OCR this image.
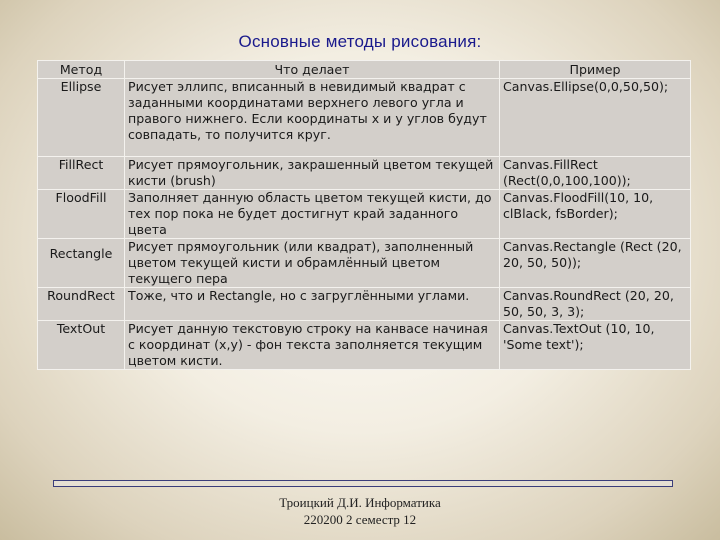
Основные методы рисования:
Метод	Что делает	Пример
Ellipse	Рисует эллипс, вписанный в невидимый квадрат с заданными координатами верхнего левого угла и правого нижнего. Если координаты x и y углов будут совпадать, то получится круг.	Canvas.Ellipse(0,0,50,50);
FillRect	Рисует прямоугольник, закрашенный цветом текущей кисти (brush)	Canvas.FillRect (Rect(0,0,100,100));
FloodFill	Заполняет данную область цветом текущей кисти, до тех пор пока не будет достигнут край заданного цвета	Canvas.FloodFill(10, 10, clBlack, fsBorder);
Rectangle	Рисует прямоугольник (или квадрат), заполненный цветом текущей кисти и обрамлённый цветом текущего пера	Canvas.Rectangle (Rect (20, 20, 50, 50));
RoundRect	Тоже, что и Rectangle, но с загруглёнными углами.	Canvas.RoundRect (20, 20, 50, 50, 3, 3);
TextOut	Рисует данную текстовую строку на канвасе начиная с координат (x,y) - фон текста заполняется текущим цветом кисти.	Canvas.TextOut (10, 10, 'Some text');
Троицкий Д.И. Информатика
220200 2 семестр 12
